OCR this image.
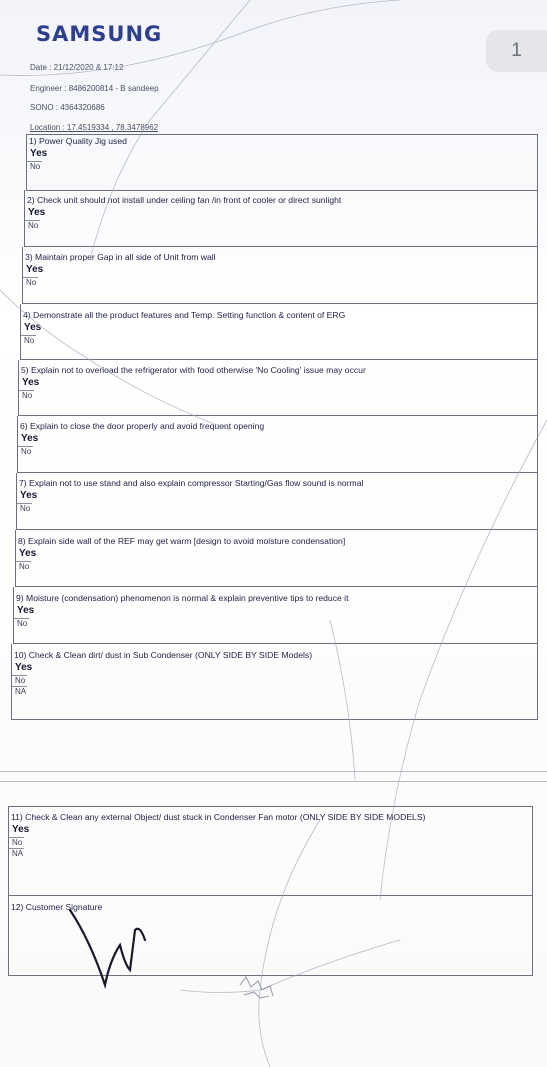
SAMSUNG
1
Date : 21/12/2020 & 17:12
Engineer : 8486200814 - B sandeep
SONO : 4364320686
Location : 17.4519334 , 78.3478962
1) Power Quality Jig used
Yes
No
2) Check unit should not install under ceiling fan /in front of cooler or direct sunlight
Yes
No
3) Maintain proper Gap in all side of Unit from wall
Yes
No
4) Demonstrate all the product features and Temp. Setting function & content of ERG
Yes
No
5) Explain not to overload the refrigerator with food otherwise 'No Cooling' issue may occur
Yes
No
6) Explain to close the door properly and avoid frequent opening
Yes
No
7) Explain not to use stand and also explain compressor Starting/Gas flow sound is normal
Yes
No
8) Explain side wall of the REF may get warm [design to avoid moisture condensation]
Yes
No
9) Moisture (condensation) phenomenon is normal & explain preventive tips to reduce it
Yes
No
10) Check & Clean dirt/ dust in Sub Condenser (ONLY SIDE BY SIDE Models)
Yes
No
NA
11) Check & Clean any external Object/ dust stuck in Condenser Fan motor (ONLY SIDE BY SIDE MODELS)
Yes
No
NA
12) Customer Signature
